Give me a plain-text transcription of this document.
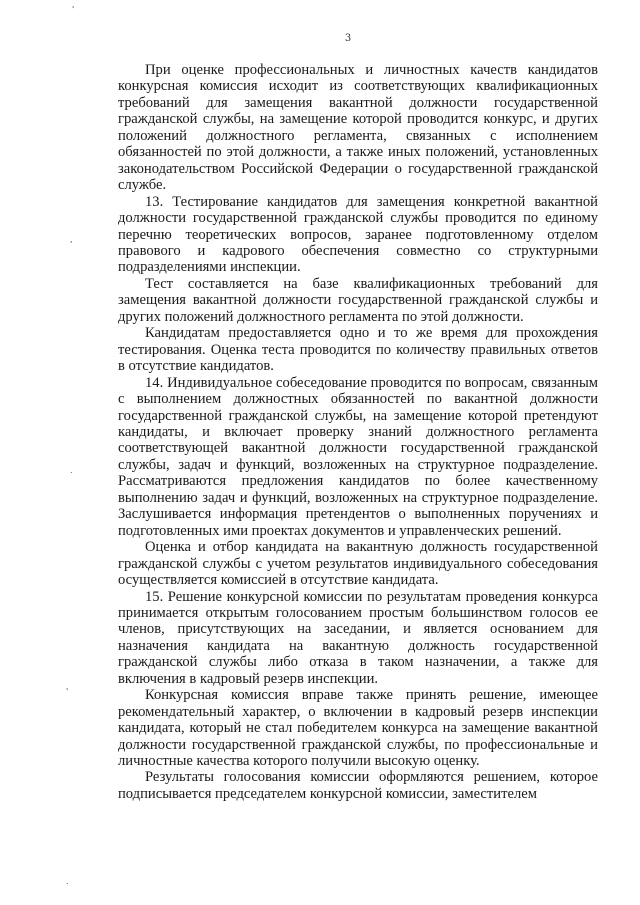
3

При оценке профессиональных и личностных качеств кандидатов конкурсная комиссия исходит из соответствующих квалификационных требований для замещения вакантной должности государственной гражданской службы, на замещение которой проводится конкурс, и других положений должностного регламента, связанных с исполнением обязанностей по этой должности, а также иных положений, установленных законодательством Российской Федерации о государственной гражданской службе.

13. Тестирование кандидатов для замещения конкретной вакантной должности государственной гражданской службы проводится по единому перечню теоретических вопросов, заранее подготовленному отделом правового и кадрового обеспечения совместно со структурными подразделениями инспекции.

Тест составляется на базе квалификационных требований для замещения вакантной должности государственной гражданской службы и других положений должностного регламента по этой должности.

Кандидатам предоставляется одно и то же время для прохождения тестирования. Оценка теста проводится по количеству правильных ответов в отсутствие кандидатов.

14. Индивидуальное собеседование проводится по вопросам, связанным с выполнением должностных обязанностей по вакантной должности государственной гражданской службы, на замещение которой претендуют кандидаты, и включает проверку знаний должностного регламента соответствующей вакантной должности государственной гражданской службы, задач и функций, возложенных на структурное подразделение. Рассматриваются предложения кандидатов по более качественному выполнению задач и функций, возложенных на структурное подразделение. Заслушивается информация претендентов о выполненных поручениях и подготовленных ими проектах документов и управленческих решений.

Оценка и отбор кандидата на вакантную должность государственной гражданской службы с учетом результатов индивидуального собеседования осуществляется комиссией в отсутствие кандидата.

15. Решение конкурсной комиссии по результатам проведения конкурса принимается открытым голосованием простым большинством голосов ее членов, присутствующих на заседании, и является основанием для назначения кандидата на вакантную должность государственной гражданской службы либо отказа в таком назначении, а также для включения в кадровый резерв инспекции.

Конкурсная комиссия вправе также принять решение, имеющее рекомендательный характер, о включении в кадровый резерв инспекции кандидата, который не стал победителем конкурса на замещение вакантной должности государственной гражданской службы, по профессиональные и личностные качества которого получили высокую оценку.

Результаты голосования комиссии оформляются решением, которое подписывается председателем конкурсной комиссии, заместителем

'
,
.
'
.
